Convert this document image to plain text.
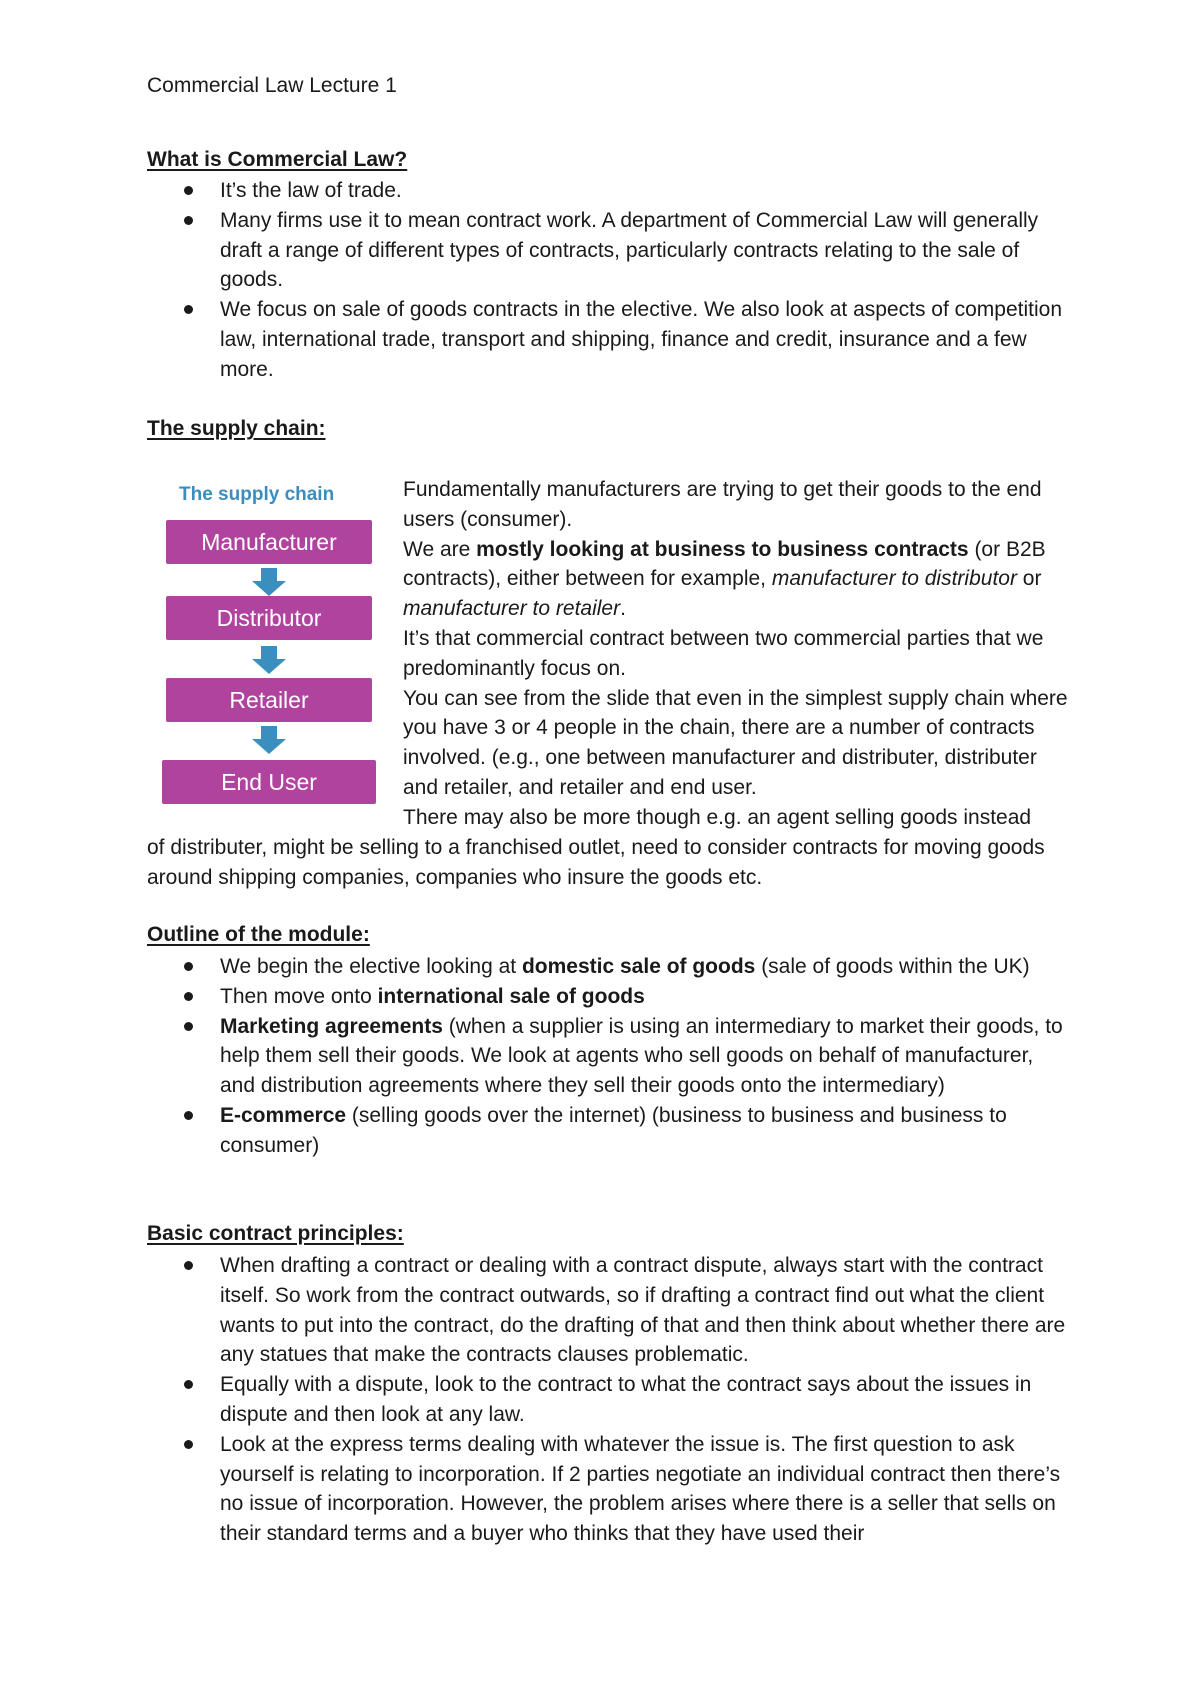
Commercial Law Lecture 1
What is Commercial Law?
It’s the law of trade.
Many firms use it to mean contract work. A department of Commercial Law will generally draft a range of different types of contracts, particularly contracts relating to the sale of goods.
We focus on sale of goods contracts in the elective. We also look at aspects of competition law, international trade, transport and shipping, finance and credit, insurance and a few more.
The supply chain:
The supply chain
Manufacturer
Distributor
Retailer
End User
Fundamentally manufacturers are trying to get their goods to the end users (consumer).
We are mostly looking at business to business contracts (or B2B contracts), either between for example, manufacturer to distributor or manufacturer to retailer.
It’s that commercial contract between two commercial parties that we predominantly focus on.
You can see from the slide that even in the simplest supply chain where you have 3 or 4 people in the chain, there are a number of contracts involved. (e.g., one between manufacturer and distributer, distributer and retailer, and retailer and end user.
There may also be more though e.g. an agent selling goods instead
of distributer, might be selling to a franchised outlet, need to consider contracts for moving goods around shipping companies, companies who insure the goods etc.
Outline of the module:
We begin the elective looking at domestic sale of goods (sale of goods within the UK)
Then move onto international sale of goods
Marketing agreements (when a supplier is using an intermediary to market their goods, to help them sell their goods. We look at agents who sell goods on behalf of manufacturer, and distribution agreements where they sell their goods onto the intermediary)
E-commerce (selling goods over the internet) (business to business and business to consumer)
Basic contract principles:
When drafting a contract or dealing with a contract dispute, always start with the contract itself. So work from the contract outwards, so if drafting a contract find out what the client wants to put into the contract, do the drafting of that and then think about whether there are any statues that make the contracts clauses problematic.
Equally with a dispute, look to the contract to what the contract says about the issues in dispute and then look at any law.
Look at the express terms dealing with whatever the issue is. The first question to ask yourself is relating to incorporation. If 2 parties negotiate an individual contract then there’s no issue of incorporation. However, the problem arises where there is a seller that sells on their standard terms and a buyer who thinks that they have used their
